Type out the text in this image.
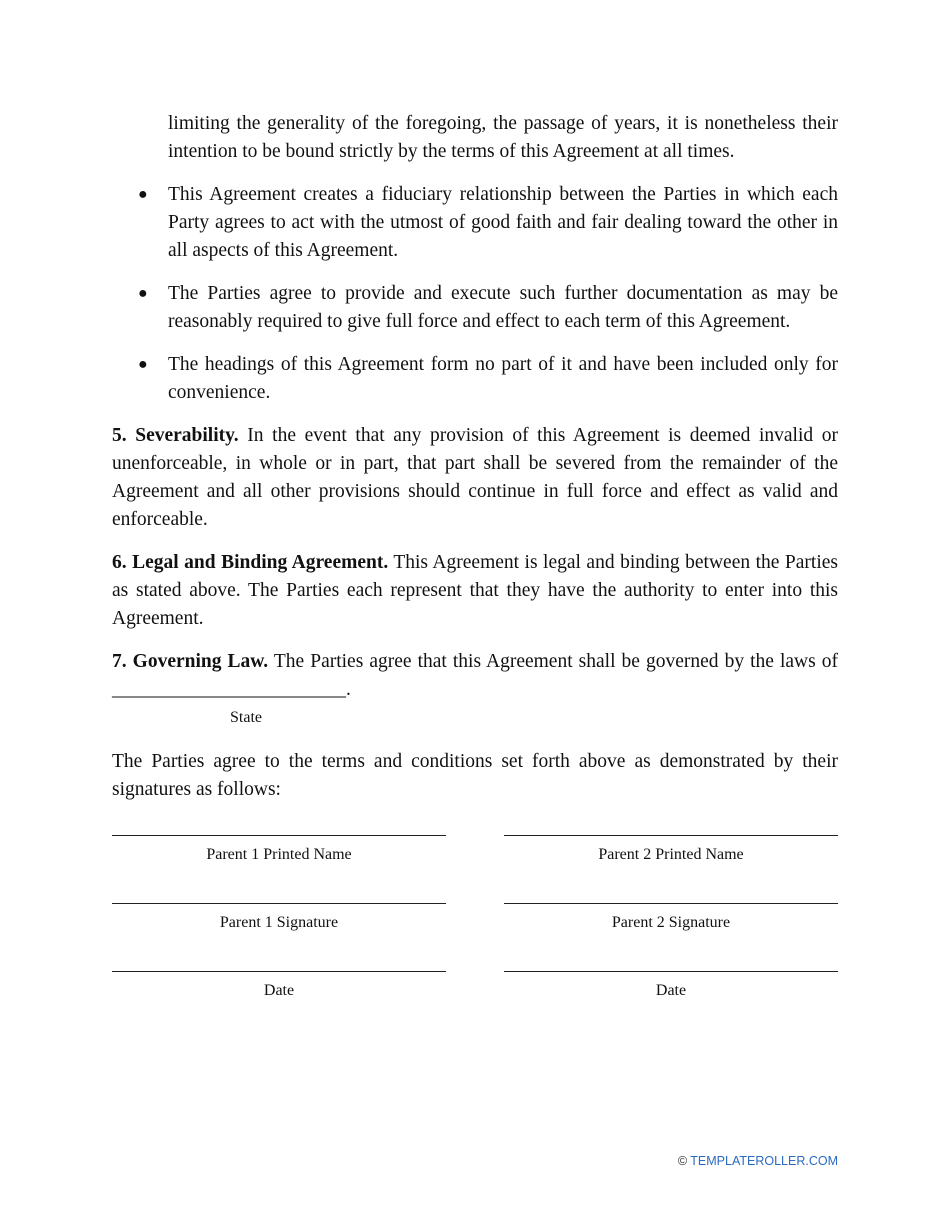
limiting the generality of the foregoing, the passage of years, it is nonetheless their intention to be bound strictly by the terms of this Agreement at all times.

● This Agreement creates a fiduciary relationship between the Parties in which each Party agrees to act with the utmost of good faith and fair dealing toward the other in all aspects of this Agreement.

● The Parties agree to provide and execute such further documentation as may be reasonably required to give full force and effect to each term of this Agreement.

● The headings of this Agreement form no part of it and have been included only for convenience.

5. Severability. In the event that any provision of this Agreement is deemed invalid or unenforceable, in whole or in part, that part shall be severed from the remainder of the Agreement and all other provisions should continue in full force and effect as valid and enforceable.

6. Legal and Binding Agreement. This Agreement is legal and binding between the Parties as stated above. The Parties each represent that they have the authority to enter into this Agreement.

7. Governing Law. The Parties agree that this Agreement shall be governed by the laws of ________________________.

State

The Parties agree to the terms and conditions set forth above as demonstrated by their signatures as follows:

Parent 1 Printed Name	Parent 2 Printed Name
Parent 1 Signature	Parent 2 Signature
Date	Date
© TEMPLATEROLLER.COM
